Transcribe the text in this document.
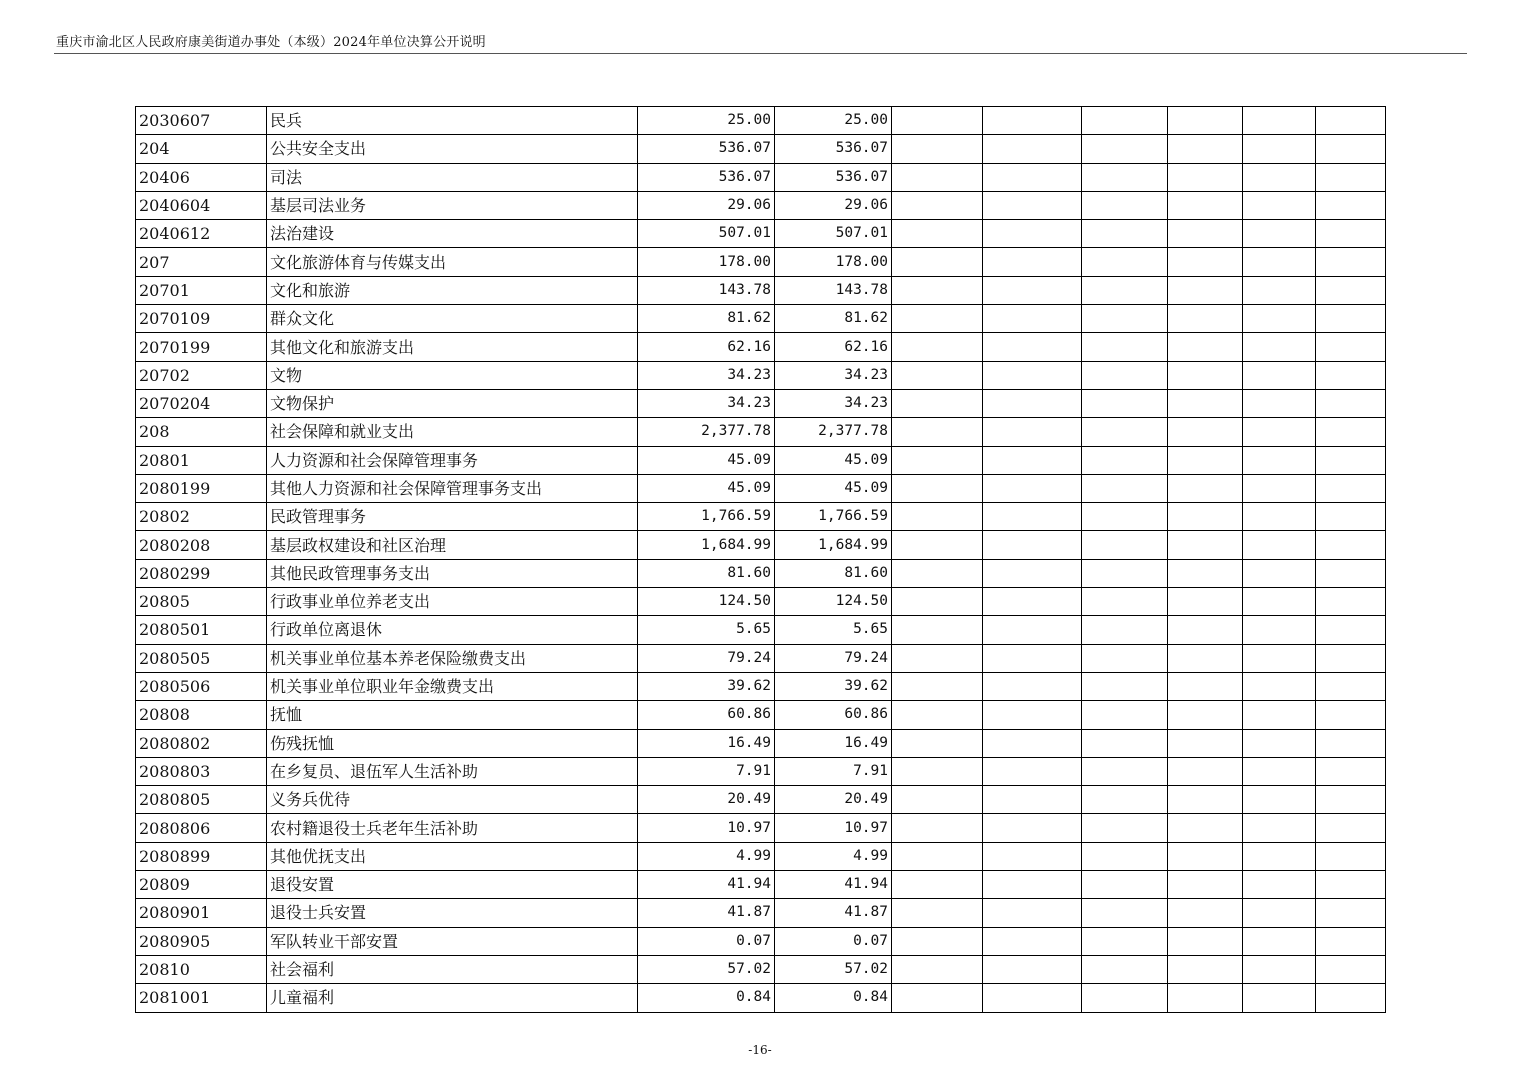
重庆市渝北区人民政府康美街道办事处（本级）2024年单位决算公开说明
2030607	民兵	25.00	25.00						
204	公共安全支出	536.07	536.07						
20406	司法	536.07	536.07						
2040604	基层司法业务	29.06	29.06						
2040612	法治建设	507.01	507.01						
207	文化旅游体育与传媒支出	178.00	178.00						
20701	文化和旅游	143.78	143.78						
2070109	群众文化	81.62	81.62						
2070199	其他文化和旅游支出	62.16	62.16						
20702	文物	34.23	34.23						
2070204	文物保护	34.23	34.23						
208	社会保障和就业支出	2,377.78	2,377.78						
20801	人力资源和社会保障管理事务	45.09	45.09						
2080199	其他人力资源和社会保障管理事务支出	45.09	45.09						
20802	民政管理事务	1,766.59	1,766.59						
2080208	基层政权建设和社区治理	1,684.99	1,684.99						
2080299	其他民政管理事务支出	81.60	81.60						
20805	行政事业单位养老支出	124.50	124.50						
2080501	行政单位离退休	5.65	5.65						
2080505	机关事业单位基本养老保险缴费支出	79.24	79.24						
2080506	机关事业单位职业年金缴费支出	39.62	39.62						
20808	抚恤	60.86	60.86						
2080802	伤残抚恤	16.49	16.49						
2080803	在乡复员、退伍军人生活补助	7.91	7.91						
2080805	义务兵优待	20.49	20.49						
2080806	农村籍退役士兵老年生活补助	10.97	10.97						
2080899	其他优抚支出	4.99	4.99						
20809	退役安置	41.94	41.94						
2080901	退役士兵安置	41.87	41.87						
2080905	军队转业干部安置	0.07	0.07						
20810	社会福利	57.02	57.02						
2081001	儿童福利	0.84	0.84						
-16-
